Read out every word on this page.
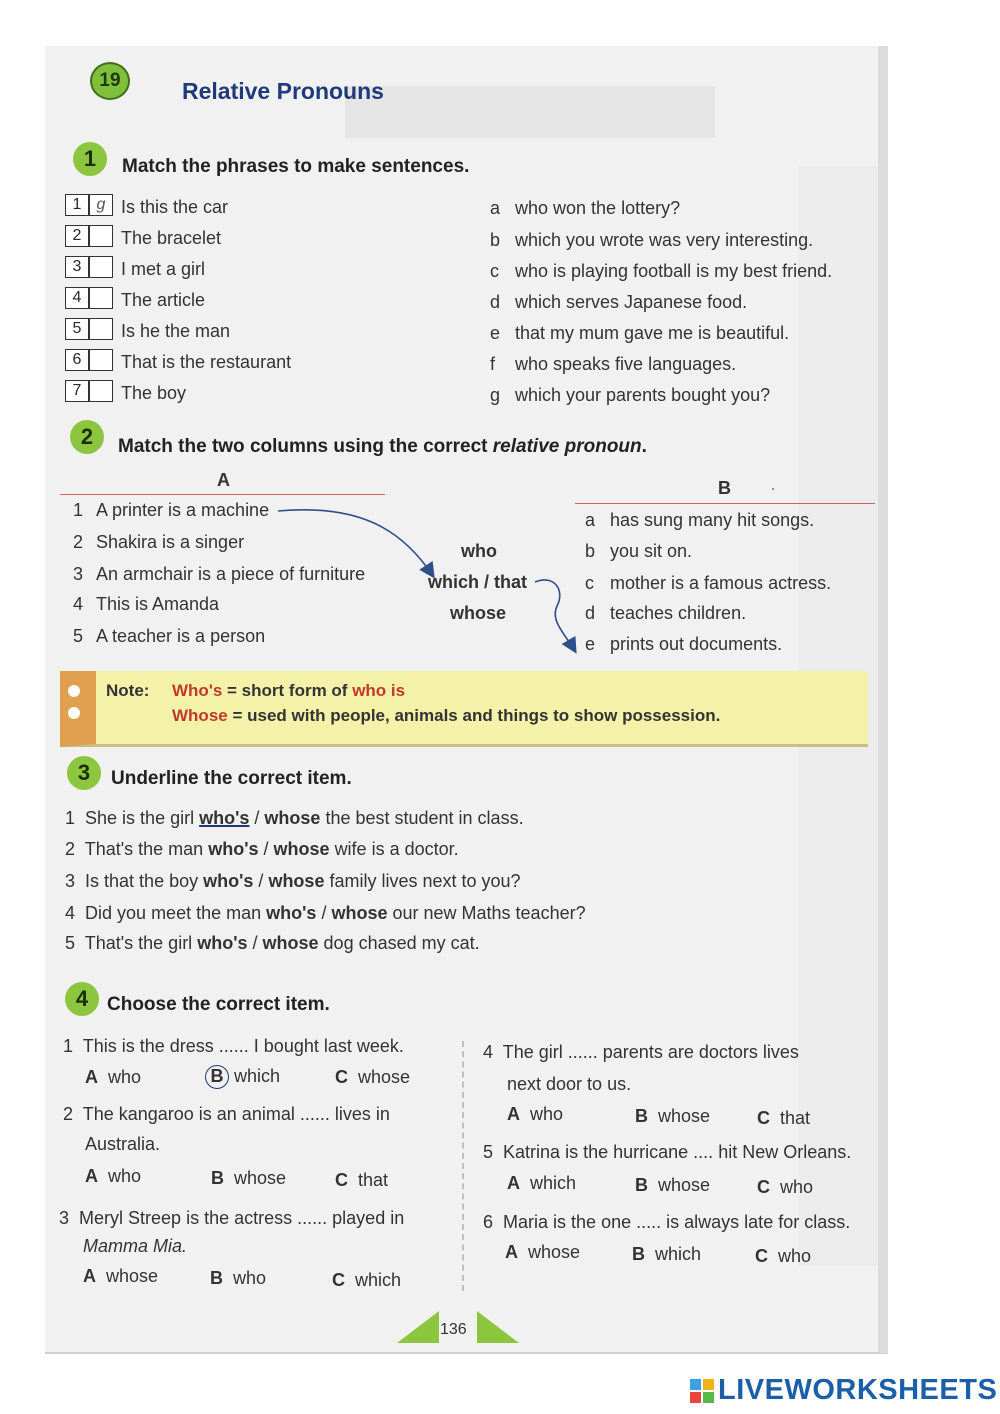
19	Relative Pronouns
1	Match the phrases to make sentences.
1 g Is this the car
2	The bracelet
3	I met a girl
4	The article
5	Is he the man
6	That is the restaurant
7	The boy
a who won the lottery?
b which you wrote was very interesting.
c who is playing football is my best friend.
d which serves Japanese food.
e that my mum gave me is beautiful.
f who speaks five languages.
g which your parents bought you?
2	Match the two columns using the correct relative pronoun.
A	B ·
1 A printer is a machine
2 Shakira is a singer
3 An armchair is a piece of furniture
4 This is Amanda
5 A teacher is a person
who
which / that
whose
a has sung many hit songs.
b you sit on.
c mother is a famous actress.
d teaches children.
e prints out documents.
Note: Who's = short form of who is
Whose = used with people, animals and things to show possession.
3	Underline the correct item.
1 She is the girl who's / whose the best student in class.
2 That's the man who's / whose wife is a doctor.
3 Is that the boy who's / whose family lives next to you?
4 Did you meet the man who's / whose our new Maths teacher?
5 That's the girl who's / whose dog chased my cat.
4 Choose the correct item.
1 This is the dress ...... I bought last week.
A who	B which	C whose
2 The kangaroo is an animal ...... lives in
Australia.
A who	B whose	C that
3 Meryl Streep is the actress ...... played in
Mamma Mia.
A whose	B who	C which
4 The girl ...... parents are doctors lives
next door to us.
A who	B whose	C that
5 Katrina is the hurricane .... hit New Orleans.
A which	B whose	C who
6 Maria is the one ..... is always late for class.
A whose	B which	C who
136
LIVEWORKSHEETS
